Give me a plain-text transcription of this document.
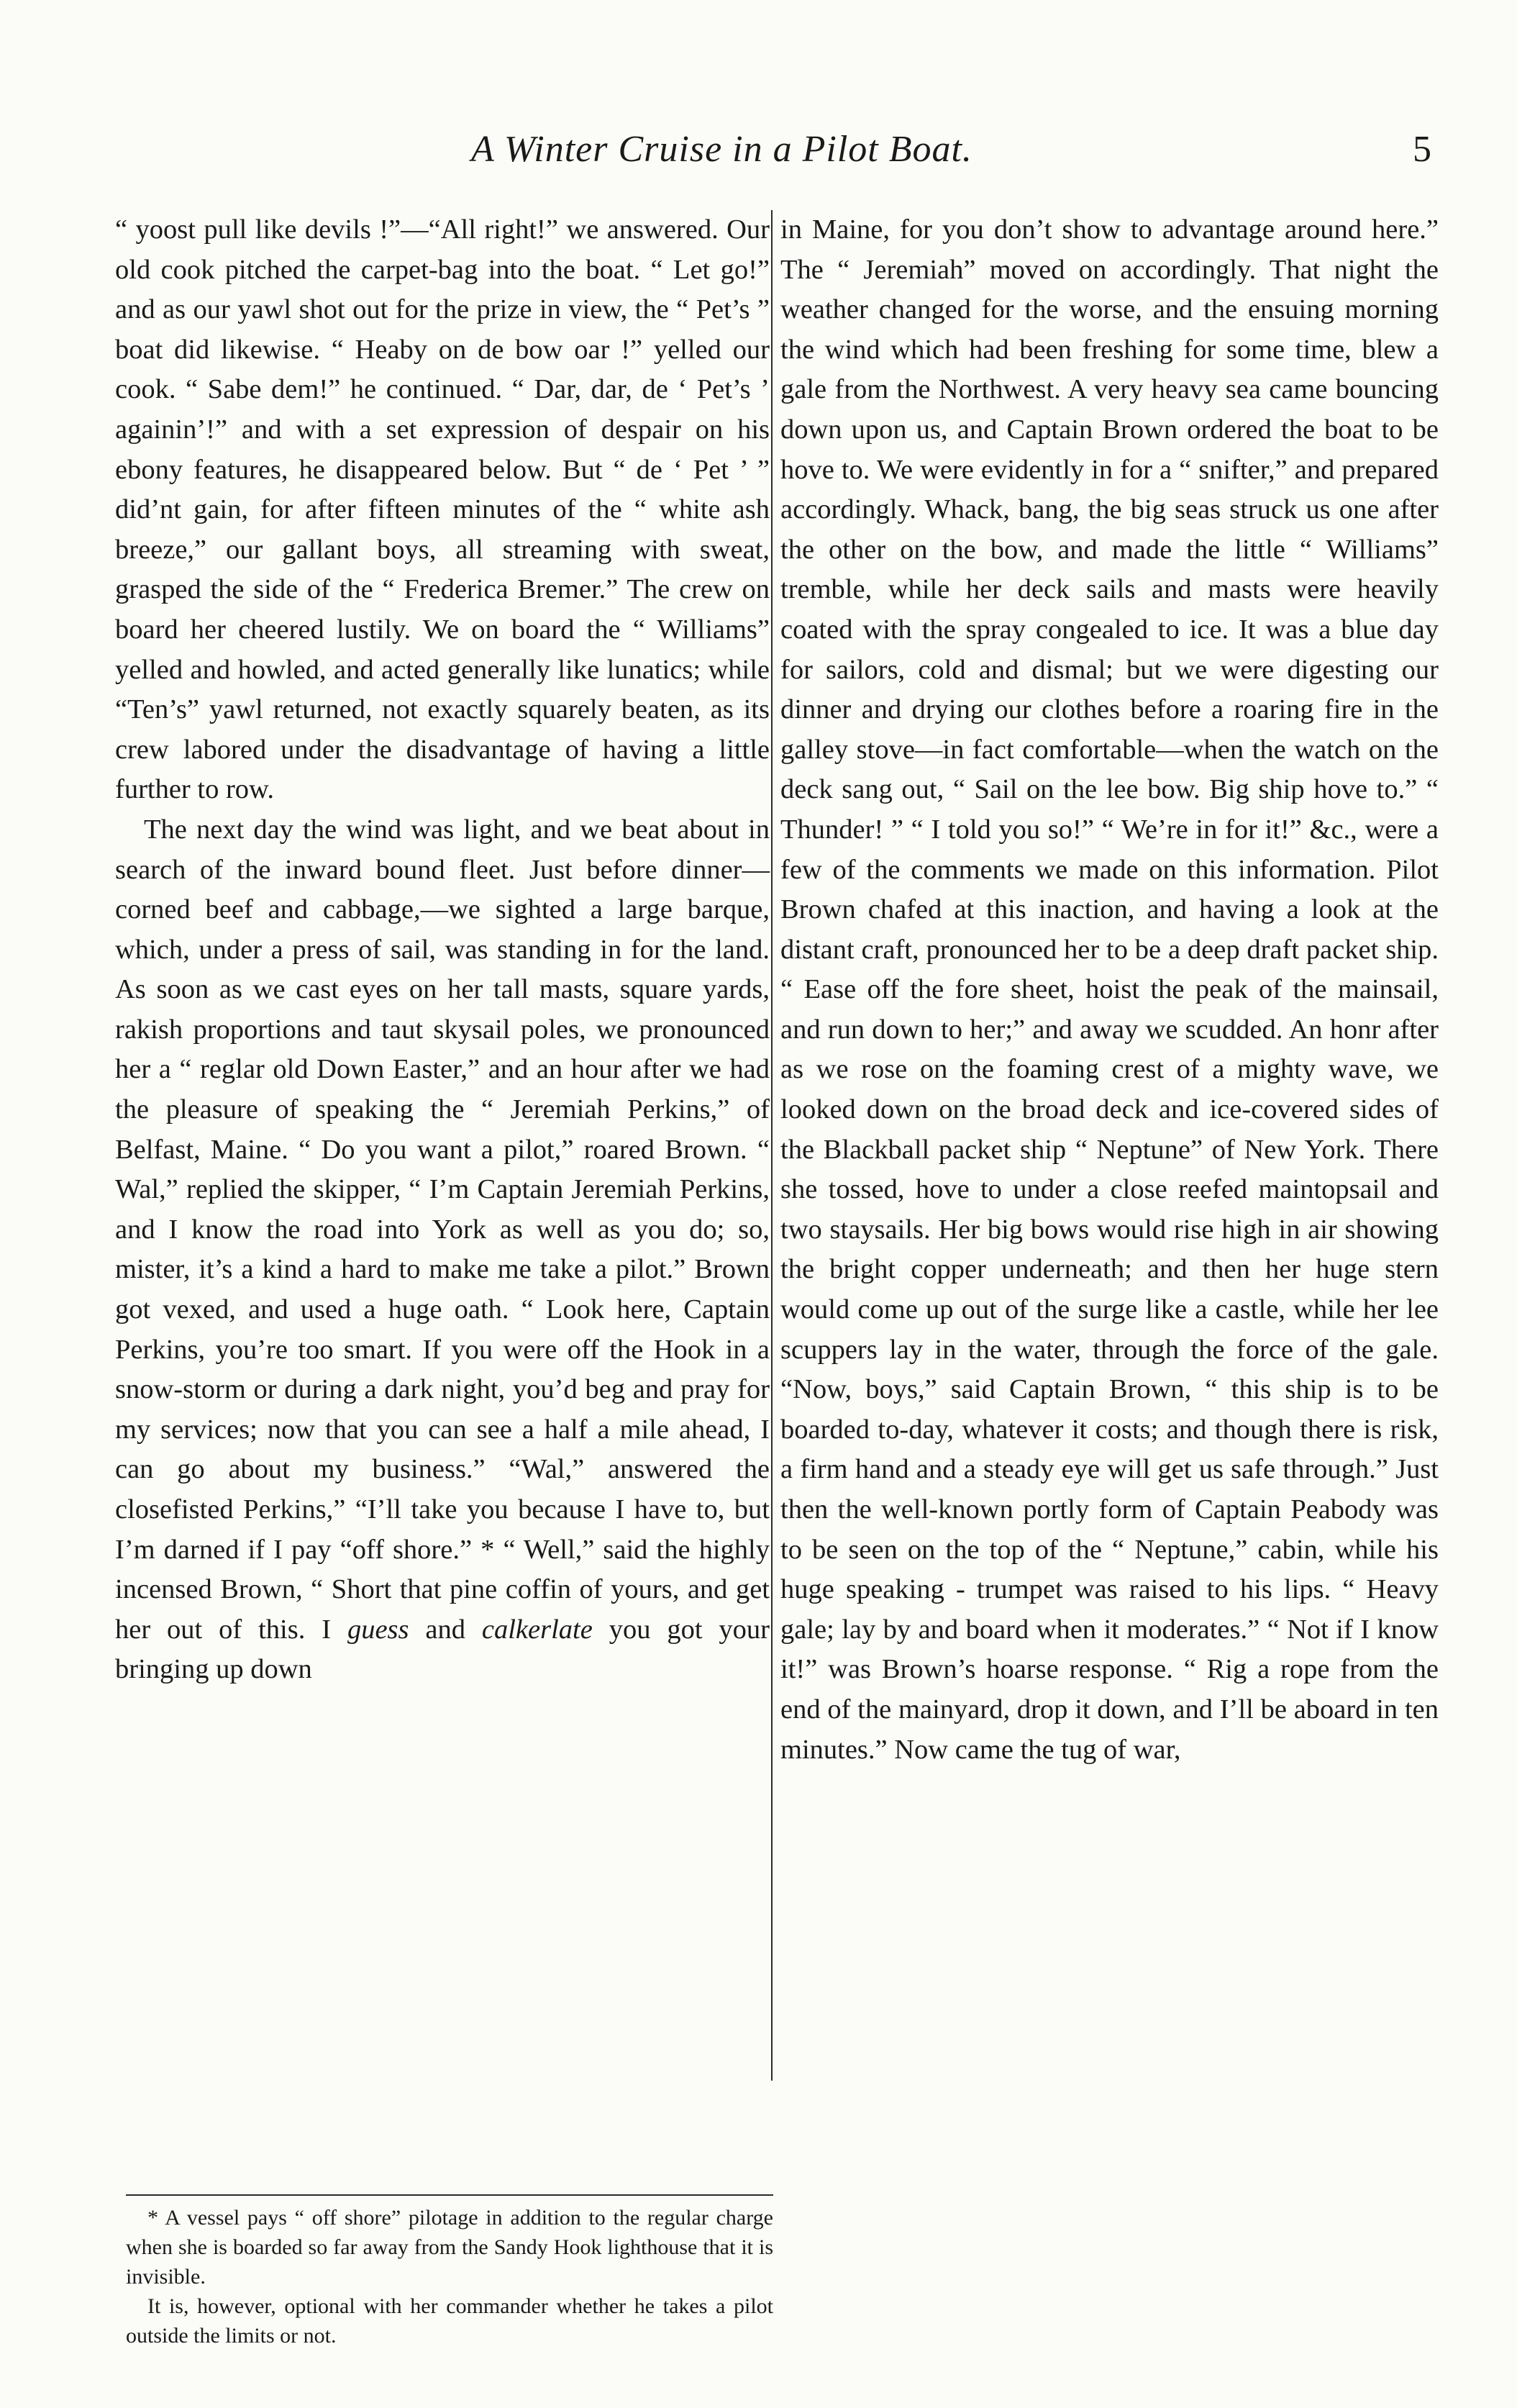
A Winter Cruise in a Pilot Boat.	5

“ yoost pull like devils !”—“All right!” we answered. Our old cook pitched the carpet-bag into the boat. “ Let go!” and as our yawl shot out for the prize in view, the “ Pet’s ” boat did likewise. “ Heaby on de bow oar !” yelled our cook. “ Sabe dem!” he continued. “ Dar, dar, de ‘ Pet’s ’ againin’!” and with a set expression of despair on his ebony features, he disappeared below. But “ de ‘ Pet ’ ” did’nt gain, for after fifteen minutes of the “ white ash breeze,” our gallant boys, all streaming with sweat, grasped the side of the “ Frederica Bremer.” The crew on board her cheered lustily. We on board the “ Williams” yelled and howled, and acted generally like lunatics; while “Ten’s” yawl returned, not exactly squarely beaten, as its crew labored under the disadvantage of having a little further to row.

The next day the wind was light, and we beat about in search of the inward bound fleet. Just before dinner—corned beef and cabbage,—we sighted a large barque, which, under a press of sail, was standing in for the land. As soon as we cast eyes on her tall masts, square yards, rakish proportions and taut skysail poles, we pronounced her a “ reglar old Down Easter,” and an hour after we had the pleasure of speaking the “ Jeremiah Perkins,” of Belfast, Maine. “ Do you want a pilot,” roared Brown. “ Wal,” replied the skipper, “ I’m Captain Jeremiah Perkins, and I know the road into York as well as you do; so, mister, it’s a kind a hard to make me take a pilot.” Brown got vexed, and used a huge oath. “ Look here, Captain Perkins, you’re too smart. If you were off the Hook in a snow-storm or during a dark night, you’d beg and pray for my services; now that you can see a half a mile ahead, I can go about my business.” “Wal,” answered the closefisted Perkins,” “I’ll take you because I have to, but I’m darned if I pay “off shore.” * “ Well,” said the highly incensed Brown, “ Short that pine coffin of yours, and get her out of this. I guess and calkerlate you got your bringing up down

in Maine, for you don’t show to advantage around here.” The “ Jeremiah” moved on accordingly. That night the weather changed for the worse, and the ensuing morning the wind which had been freshing for some time, blew a gale from the Northwest. A very heavy sea came bouncing down upon us, and Captain Brown ordered the boat to be hove to. We were evidently in for a “ snifter,” and prepared accordingly. Whack, bang, the big seas struck us one after the other on the bow, and made the little “ Williams” tremble, while her deck sails and masts were heavily coated with the spray congealed to ice. It was a blue day for sailors, cold and dismal; but we were digesting our dinner and drying our clothes before a roaring fire in the galley stove—in fact comfortable—when the watch on the deck sang out, “ Sail on the lee bow. Big ship hove to.” “ Thunder! ” “ I told you so!” “ We’re in for it!” &c., were a few of the comments we made on this information. Pilot Brown chafed at this inaction, and having a look at the distant craft, pronounced her to be a deep draft packet ship. “ Ease off the fore sheet, hoist the peak of the mainsail, and run down to her;” and away we scudded. An honr after as we rose on the foaming crest of a mighty wave, we looked down on the broad deck and ice-covered sides of the Blackball packet ship “ Neptune” of New York. There she tossed, hove to under a close reefed maintopsail and two staysails. Her big bows would rise high in air showing the bright copper underneath; and then her huge stern would come up out of the surge like a castle, while her lee scuppers lay in the water, through the force of the gale. “Now, boys,” said Captain Brown, “ this ship is to be boarded to-day, whatever it costs; and though there is risk, a firm hand and a steady eye will get us safe through.” Just then the well-known portly form of Captain Peabody was to be seen on the top of the “ Neptune,” cabin, while his huge speaking - trumpet was raised to his lips. “ Heavy gale; lay by and board when it moderates.” “ Not if I know it!” was Brown’s hoarse response. “ Rig a rope from the end of the mainyard, drop it down, and I’ll be aboard in ten minutes.” Now came the tug of war,

* A vessel pays “ off shore” pilotage in addition to the regular charge when she is boarded so far away from the Sandy Hook lighthouse that it is invisible.

It is, however, optional with her commander whether he takes a pilot outside the limits or not.
